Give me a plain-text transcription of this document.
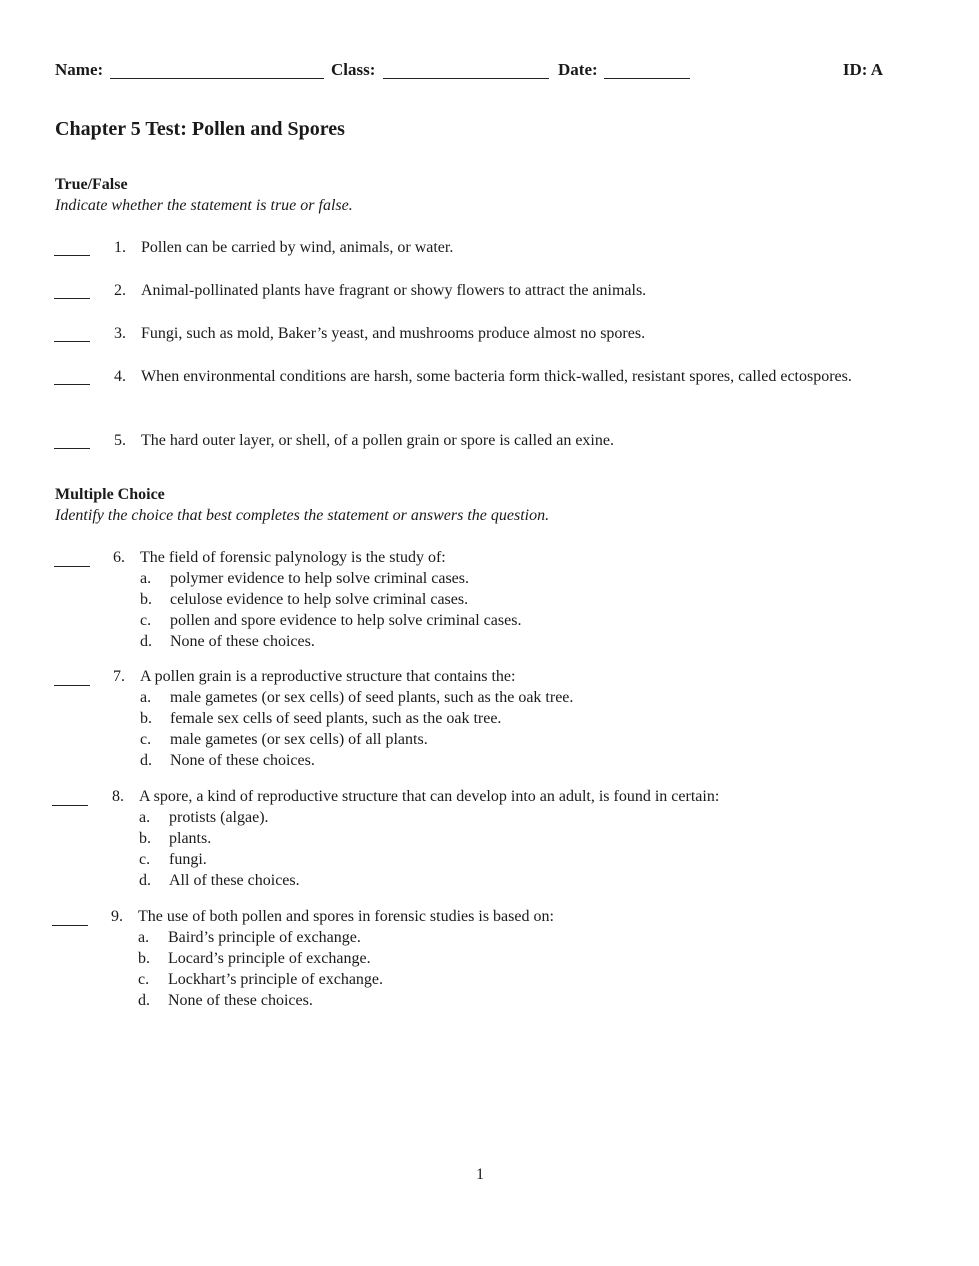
Name:	Class:	Date:	ID: A
Chapter 5 Test: Pollen and Spores
True/False
Indicate whether the statement is true or false.
1. Pollen can be carried by wind, animals, or water.
2. Animal-pollinated plants have fragrant or showy flowers to attract the animals.
3. Fungi, such as mold, Baker’s yeast, and mushrooms produce almost no spores.
4. When environmental conditions are harsh, some bacteria form thick-walled, resistant spores, called ectospores.
5. The hard outer layer, or shell, of a pollen grain or spore is called an exine.
Multiple Choice
Identify the choice that best completes the statement or answers the question.
6. The field of forensic palynology is the study of:
a.	polymer evidence to help solve criminal cases.
b.	celulose evidence to help solve criminal cases.
c.	pollen and spore evidence to help solve criminal cases.
d.	None of these choices.
7. A pollen grain is a reproductive structure that contains the:
a.	male gametes (or sex cells) of seed plants, such as the oak tree.
b.	female sex cells of seed plants, such as the oak tree.
c.	male gametes (or sex cells) of all plants.
d.	None of these choices.
8. A spore, a kind of reproductive structure that can develop into an adult, is found in certain:
a.	protists (algae).
b.	plants.
c.	fungi.
d.	All of these choices.
9. The use of both pollen and spores in forensic studies is based on:
a.	Baird’s principle of exchange.
b.	Locard’s principle of exchange.
c.	Lockhart’s principle of exchange.
d.	None of these choices.
1
